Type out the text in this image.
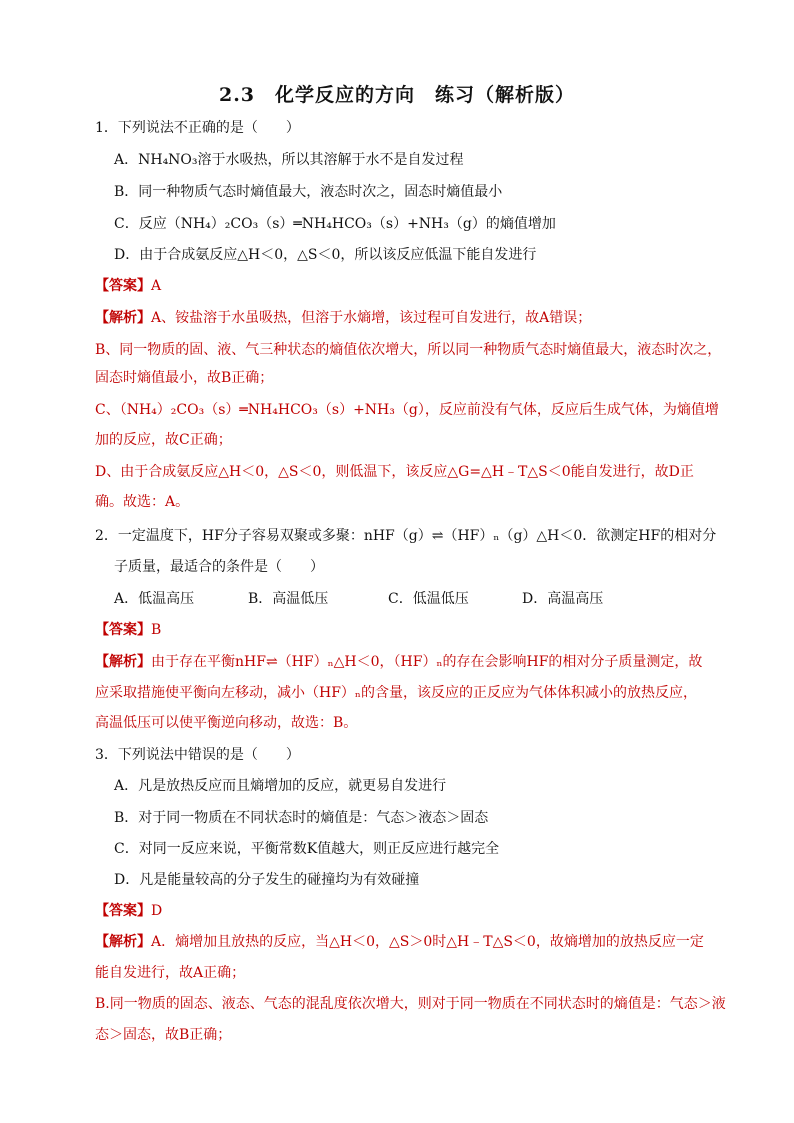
2.3　化学反应的方向　练习（解析版）
1．下列说法不正确的是（　　）
A．NH₄NO₃溶于水吸热，所以其溶解于水不是自发过程
B．同一种物质气态时熵值最大，液态时次之，固态时熵值最小
C．反应（NH₄）₂CO₃（s）═NH₄HCO₃（s）+NH₃（g）的熵值增加
D．由于合成氨反应△H＜0，△S＜0，所以该反应低温下能自发进行
【答案】A
【解析】A、铵盐溶于水虽吸热，但溶于水熵增，该过程可自发进行，故A错误；
B、同一物质的固、液、气三种状态的熵值依次增大，所以同一种物质气态时熵值最大，液态时次之，
固态时熵值最小，故B正确；
C、（NH₄）₂CO₃（s）═NH₄HCO₃（s）+NH₃（g），反应前没有气体，反应后生成气体，为熵值增
加的反应，故C正确；
D、由于合成氨反应△H＜0，△S＜0，则低温下，该反应△G=△H﹣T△S＜0能自发进行，故D正
确。故选：A。
2．一定温度下，HF分子容易双聚或多聚：nHF（g）⇌（HF）ₙ（g）△H＜0．欲测定HF的相对分
子质量，最适合的条件是（　　）
A．低温高压	B．高温低压	C．低温低压	D．高温高压
【答案】B
【解析】由于存在平衡nHF⇌（HF）ₙ△H＜0，（HF）ₙ的存在会影响HF的相对分子质量测定，故
应采取措施使平衡向左移动，减小（HF）ₙ的含量，该反应的正反应为气体体积减小的放热反应，
高温低压可以使平衡逆向移动，故选：B。
3．下列说法中错误的是（　　）
A．凡是放热反应而且熵增加的反应，就更易自发进行
B．对于同一物质在不同状态时的熵值是：气态＞液态＞固态
C．对同一反应来说，平衡常数K值越大，则正反应进行越完全
D．凡是能量较高的分子发生的碰撞均为有效碰撞
【答案】D
【解析】A．熵增加且放热的反应，当△H＜0，△S＞0时△H﹣T△S＜0，故熵增加的放热反应一定
能自发进行，故A正确；
B.同一物质的固态、液态、气态的混乱度依次增大，则对于同一物质在不同状态时的熵值是：气态＞液
态＞固态，故B正确；
